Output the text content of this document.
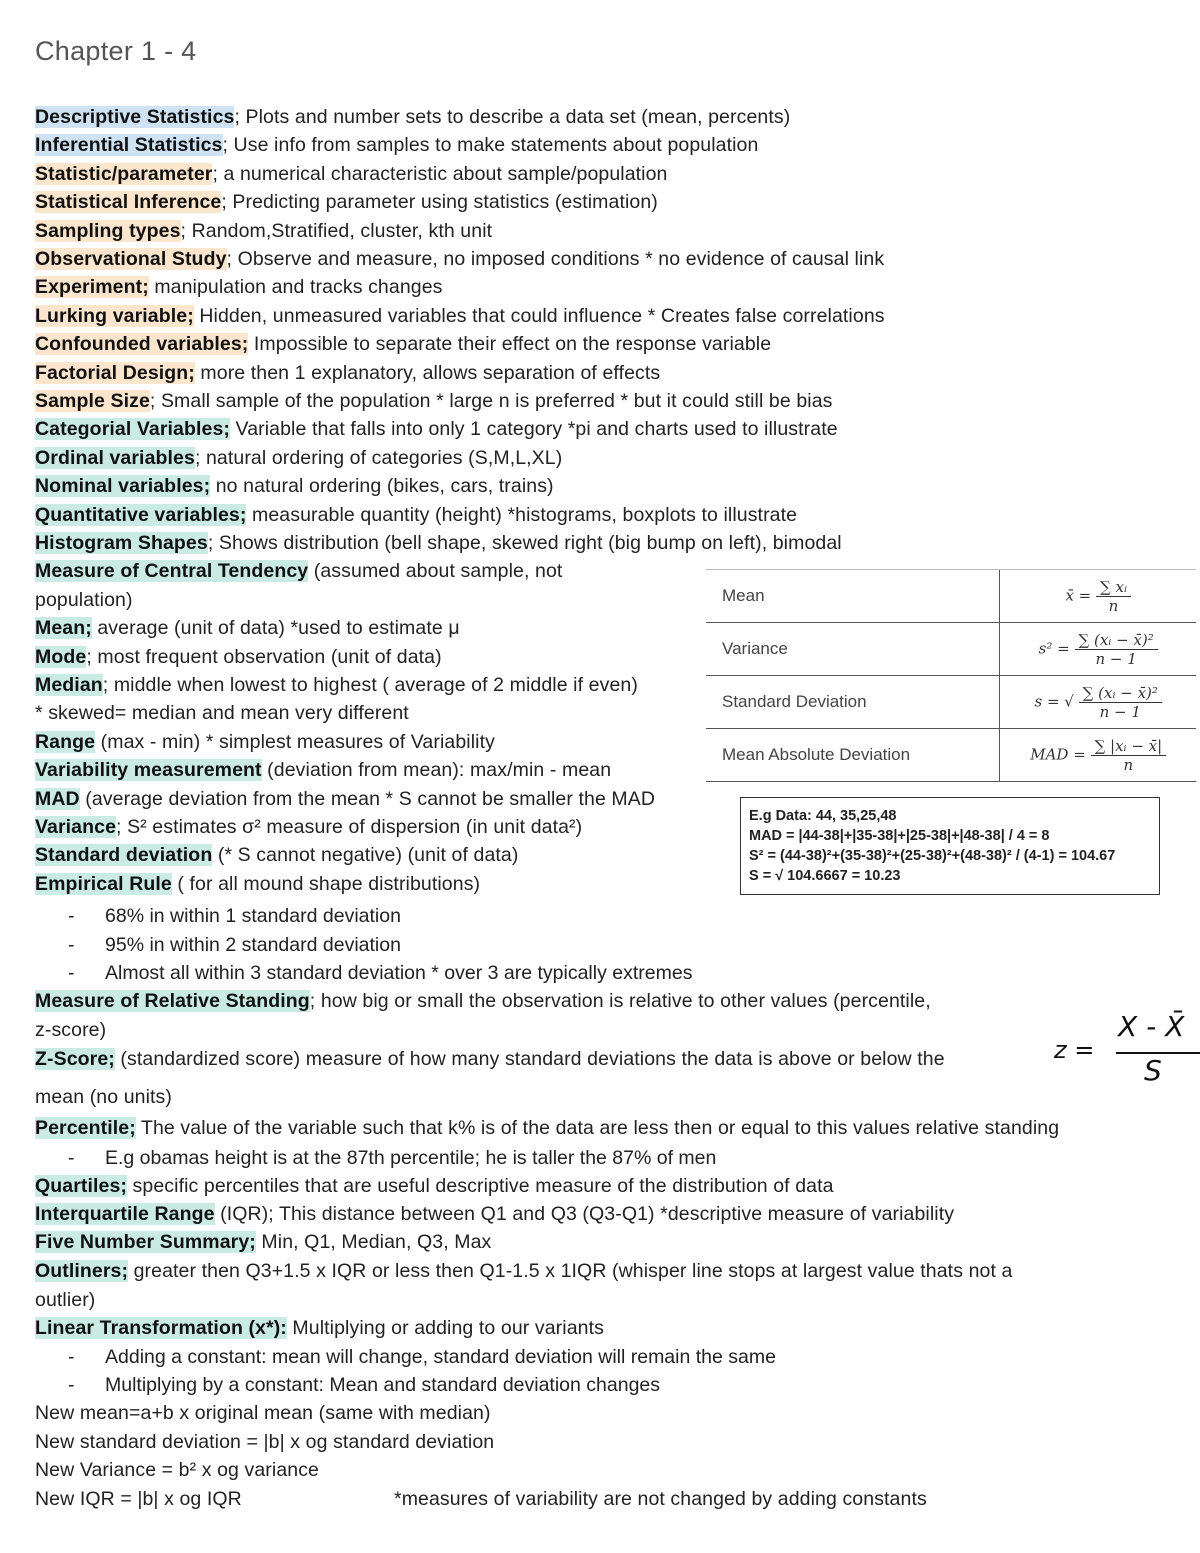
Chapter 1 - 4
Descriptive Statistics; Plots and number sets to describe a data set (mean, percents)
Inferential Statistics; Use info from samples to make statements about population
Statistic/parameter; a numerical characteristic about sample/population
Statistical Inference; Predicting parameter using statistics (estimation)
Sampling types; Random,Stratified, cluster, kth unit
Observational Study; Observe and measure, no imposed conditions * no evidence of causal link
Experiment; manipulation and tracks changes
Lurking variable; Hidden, unmeasured variables that could influence * Creates false correlations
Confounded variables; Impossible to separate their effect on the response variable
Factorial Design; more then 1 explanatory, allows separation of effects
Sample Size; Small sample of the population * large n is preferred * but it could still be bias
Categorial Variables; Variable that falls into only 1 category *pi and charts used to illustrate
Ordinal variables; natural ordering of categories (S,M,L,XL)
Nominal variables; no natural ordering (bikes, cars, trains)
Quantitative variables; measurable quantity (height) *histograms, boxplots to illustrate
Histogram Shapes; Shows distribution (bell shape, skewed right (big bump on left), bimodal
Measure of Central Tendency (assumed about sample, not
population)
Mean; average (unit of data) *used to estimate μ
Mode; most frequent observation (unit of data)
Median; middle when lowest to highest ( average of 2 middle if even)
* skewed= median and mean very different
Range (max - min) * simplest measures of Variability
Variability measurement (deviation from mean): max/min - mean
MAD (average deviation from the mean * S cannot be smaller the MAD
Variance; S² estimates σ² measure of dispersion (in unit data²)
Standard deviation (* S cannot negative) (unit of data)
Empirical Rule ( for all mound shape distributions)
- 68% in within 1 standard deviation
- 95% in within 2 standard deviation
- Almost all within 3 standard deviation * over 3 are typically extremes
Measure of Relative Standing; how big or small the observation is relative to other values (percentile,
z-score)
Z-Score; (standardized score) measure of how many standard deviations the data is above or below the
mean (no units)
Percentile; The value of the variable such that k% is of the data are less then or equal to this values relative standing
- E.g obamas height is at the 87th percentile; he is taller the 87% of men
Quartiles; specific percentiles that are useful descriptive measure of the distribution of data
Interquartile Range (IQR); This distance between Q1 and Q3 (Q3-Q1) *descriptive measure of variability
Five Number Summary; Min, Q1, Median, Q3, Max
Outliners; greater then Q3+1.5 x IQR or less then Q1-1.5 x 1IQR (whisper line stops at largest value thats not a
outlier)
Linear Transformation (x*): Multiplying or adding to our variants
- Adding a constant: mean will change, standard deviation will remain the same
- Multiplying by a constant: Mean and standard deviation changes
New mean=a+b x original mean (same with median)
New standard deviation = |b| x og standard deviation
New Variance = b² x og variance
New IQR = |b| x og IQR	*measures of variability are not changed by adding constants
Mean	x̄ = $\frac{\text{∑ xᵢ}}{n}$

Variance	$s^2 = \frac{\text{∑ (xᵢ − x̄)²}}{n - 1}$

Standard Deviation	s = √ $\frac{\text{∑ (xᵢ − x̄)²}}{n - 1}$

Mean Absolute Deviation	MAD = $\frac{\text{∑ |xᵢ − x̄|}}{n}$
E.g Data: 44, 35,25,48
MAD = |44-38|+|35-38|+|25-38|+|48-38| / 4 = 8
S² = (44-38)²+(35-38)²+(25-38)²+(48-38)² / (4-1) = 104.67
S = √ 104.6667 = 10.23
z =
X - X̄
S
